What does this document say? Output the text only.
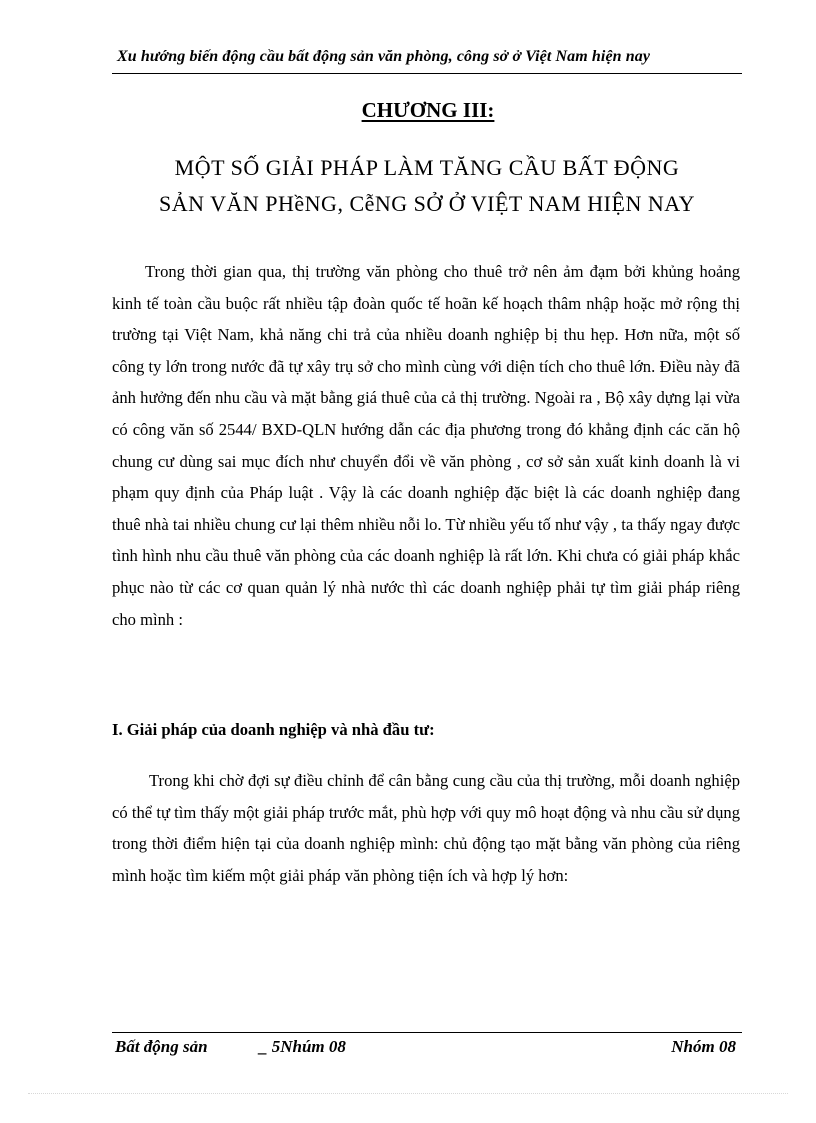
Xu hướng biến động cầu bất động sản văn phòng, công sở ở Việt Nam hiện nay
CHƯƠNG III:
MỘT SỐ GIẢI PHÁP LÀM TĂNG CẦU BẤT ĐỘNG
SẢN VĂN PHềNG, CễNG SỞ Ở VIỆT NAM HIỆN NAY

Trong thời gian qua, thị trường văn phòng cho thuê trở nên ảm đạm bởi khủng hoảng kinh tế toàn cầu buộc rất nhiều tập đoàn quốc tế hoãn kế hoạch thâm nhập hoặc mở rộng thị trường tại Việt Nam, khả năng chi trả của nhiều doanh nghiệp bị thu hẹp. Hơn nữa, một số công ty lớn trong nước đã tự xây trụ sở cho mình cùng với diện tích cho thuê lớn. Điều này đã ảnh hưởng đến nhu cầu và mặt bằng giá thuê của cả thị trường. Ngoài ra , Bộ xây dựng lại vừa có công văn số 2544/ BXD-QLN hướng dẫn các địa phương trong đó khẳng định các căn hộ chung cư dùng sai mục đích như chuyển đổi về văn phòng , cơ sở sản xuất kinh doanh là vi phạm quy định của Pháp luật . Vậy là các doanh nghiệp đặc biệt là các doanh nghiệp đang thuê nhà tai nhiều chung cư lại thêm nhiều nỗi lo. Từ nhiều yếu tố như vậy , ta thấy ngay được tình hình nhu cầu thuê văn phòng của các doanh nghiệp là rất lớn. Khi chưa có giải pháp khắc phục nào từ các cơ quan quản lý nhà nước thì các doanh nghiệp phải tự tìm giải pháp riêng cho mình :

I. Giải pháp của doanh nghiệp và nhà đầu tư:

Trong khi chờ đợi sự điều chỉnh để cân bằng cung cầu của thị trường, mỗi doanh nghiệp có thể tự tìm thấy một giải pháp trước mắt, phù hợp với quy mô hoạt động và nhu cầu sử dụng trong thời điểm hiện tại của doanh nghiệp mình: chủ động tạo mặt bằng văn phòng của riêng mình hoặc tìm kiếm một giải pháp văn phòng tiện ích và hợp lý hơn:

Bất động sản	_ 5Nhúm 08	Nhóm 08
